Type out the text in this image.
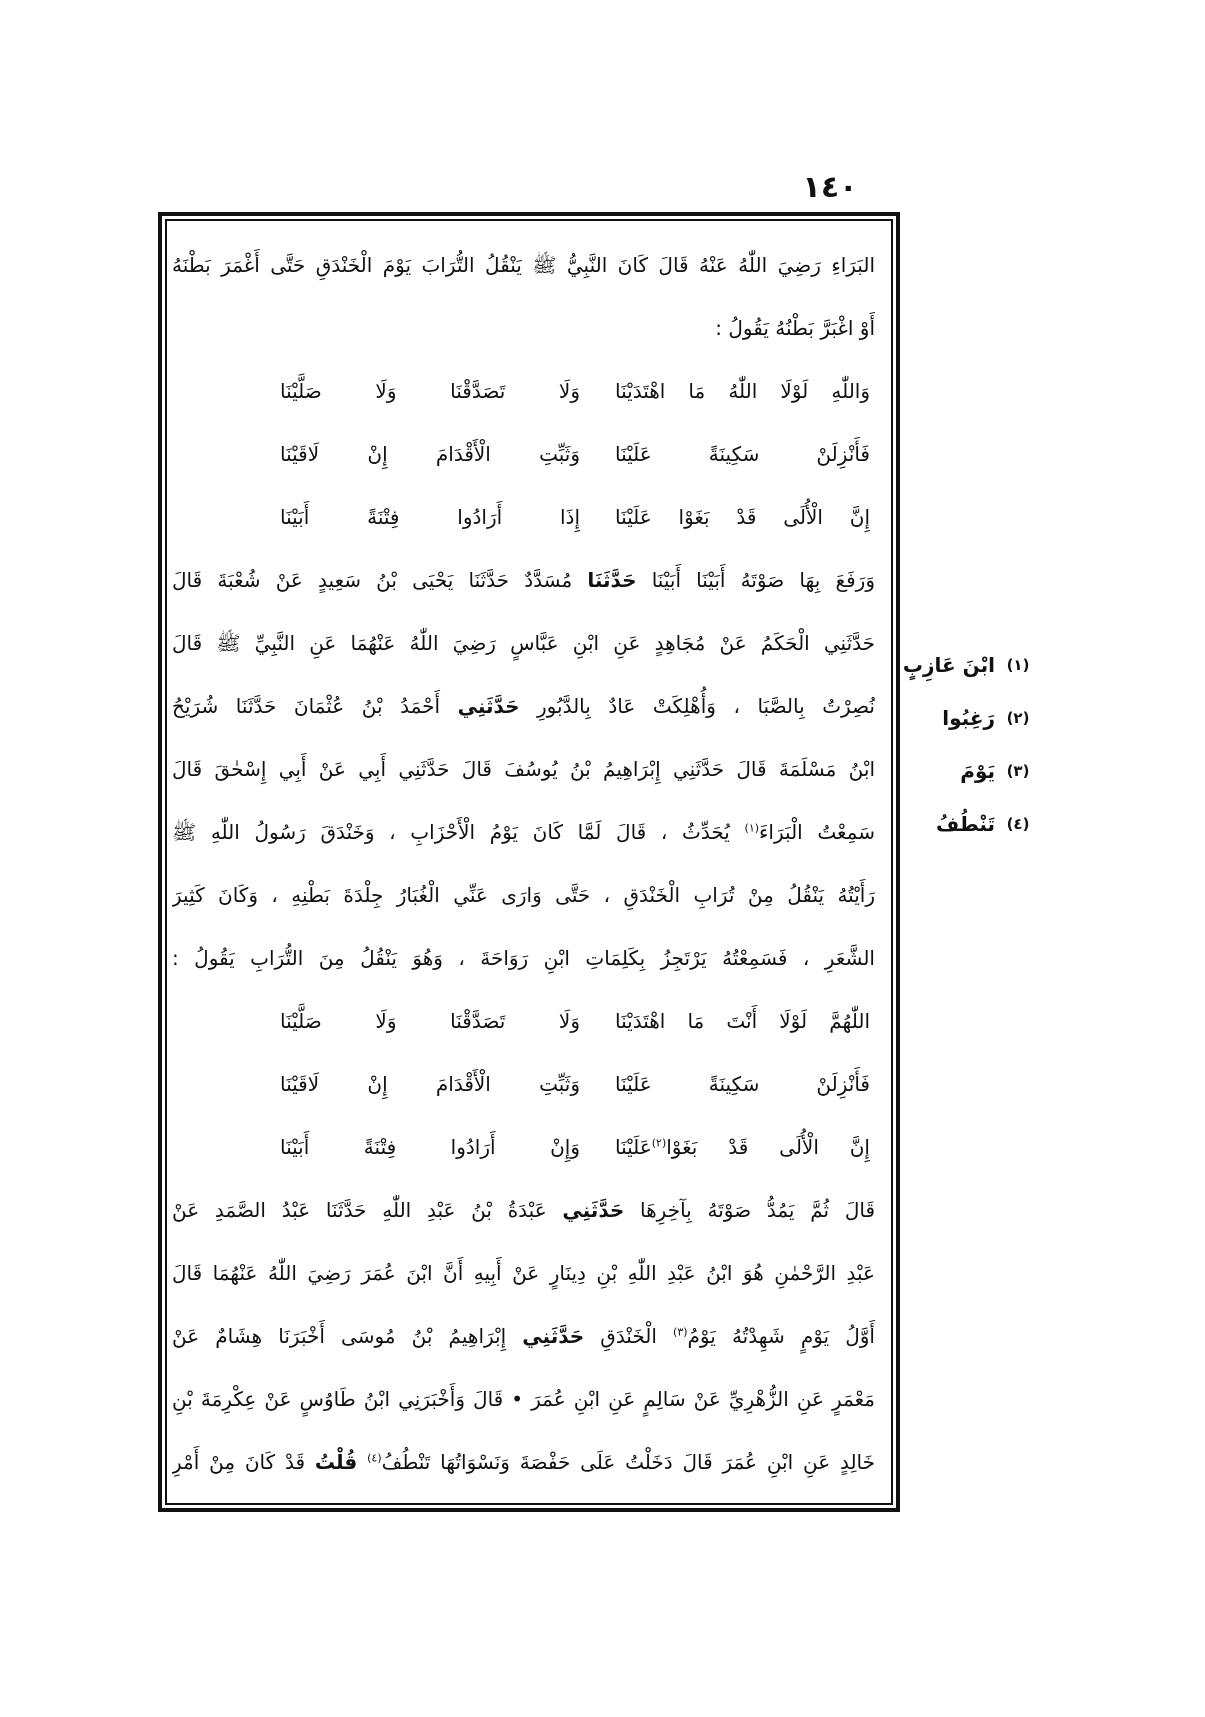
١٤٠
البَرَاءِ رَضِيَ اللّٰهُ عَنْهُ قَالَ كَانَ النَّبِيُّ ﷺ يَنْقُلُ التُّرَابَ يَوْمَ الْخَنْدَقِ حَتَّى أَغْمَرَ بَطْنَهُ
أَوْ اغْبَرَّ بَطْنُهُ يَقُولُ :
وَاللّٰهِ لَوْلَا اللّٰهُ مَا اهْتَدَيْنَا
وَلَا تَصَدَّقْنَا وَلَا صَلَّيْنَا
فَأَنْزِلَنْ سَكِينَةً عَلَيْنَا
وَثَبِّتِ الْأَقْدَامَ إِنْ لَاقَيْنَا
إِنَّ الْأُلَى قَدْ بَغَوْا عَلَيْنَا
إِذَا أَرَادُوا فِتْنَةً أَبَيْنَا
وَرَفَعَ بِهَا صَوْتَهُ أَبَيْنَا أَبَيْنَا حَدَّثَنَا مُسَدَّدٌ حَدَّثَنَا يَحْيَى بْنُ سَعِيدٍ عَنْ شُعْبَةَ قَالَ
حَدَّثَنِي الْحَكَمُ عَنْ مُجَاهِدٍ عَنِ ابْنِ عَبَّاسٍ رَضِيَ اللّٰهُ عَنْهُمَا عَنِ النَّبِيِّ ﷺ قَالَ
نُصِرْتُ بِالصَّبَا ، وَأُهْلِكَتْ عَادٌ بِالدَّبُورِ حَدَّثَنِي أَحْمَدُ بْنُ عُثْمَانَ حَدَّثَنَا شُرَيْحُ
ابْنُ مَسْلَمَةَ قَالَ حَدَّثَنِي إِبْرَاهِيمُ بْنُ يُوسُفَ قَالَ حَدَّثَنِي أَبِي عَنْ أَبِي إِسْحٰقَ قَالَ
سَمِعْتُ الْبَرَاءَ$^{(١)}$ يُحَدِّثُ ، قَالَ لَمَّا كَانَ يَوْمُ الْأَحْزَابِ ، وَخَنْدَقَ رَسُولُ اللّٰهِ ﷺ
رَأَيْتُهُ يَنْقُلُ مِنْ تُرَابِ الْخَنْدَقِ ، حَتَّى وَارَى عَنِّي الْغُبَارُ جِلْدَةَ بَطْنِهِ ، وَكَانَ كَثِيرَ
الشَّعَرِ ، فَسَمِعْتُهُ يَرْتَجِزُ بِكَلِمَاتِ ابْنِ رَوَاحَةَ ، وَهُوَ يَنْقُلُ مِنَ التُّرَابِ يَقُولُ :
اللّٰهُمَّ لَوْلَا أَنْتَ مَا اهْتَدَيْنَا
وَلَا تَصَدَّقْنَا وَلَا صَلَّيْنَا
فَأَنْزِلَنْ سَكِينَةً عَلَيْنَا
وَثَبِّتِ الْأَقْدَامَ إِنْ لَاقَيْنَا
إِنَّ الْأُلَى قَدْ بَغَوْا$^{(٢)}$عَلَيْنَا
وَإِنْ أَرَادُوا فِتْنَةً أَبَيْنَا
قَالَ ثُمَّ يَمُدُّ صَوْتَهُ بِآخِرِهَا حَدَّثَنِي عَبْدَةُ بْنُ عَبْدِ اللّٰهِ حَدَّثَنَا عَبْدُ الصَّمَدِ عَنْ
عَبْدِ الرَّحْمٰنِ هُوَ ابْنُ عَبْدِ اللّٰهِ بْنِ دِينَارٍ عَنْ أَبِيهِ أَنَّ ابْنَ عُمَرَ رَضِيَ اللّٰهُ عَنْهُمَا قَالَ
أَوَّلُ يَوْمٍ شَهِدْتُهُ يَوْمُ$^{(٣)}$ الْخَنْدَقِ حَدَّثَنِي إِبْرَاهِيمُ بْنُ مُوسَى أَخْبَرَنَا هِشَامٌ عَنْ
مَعْمَرٍ عَنِ الزُّهْرِيِّ عَنْ سَالِمٍ عَنِ ابْنِ عُمَرَ • قَالَ وَأَخْبَرَنِي ابْنُ طَاوُسٍ عَنْ عِكْرِمَةَ بْنِ
خَالِدٍ عَنِ ابْنِ عُمَرَ قَالَ دَخَلْتُ عَلَى حَفْصَةَ وَنَسْوَاتُهَا تَنْطُفُ$^{(٤)}$ قُلْتُ قَدْ كَانَ مِنْ أَمْرِ
(١)
ابْنَ عَازِبٍ
(٢)
رَغِبُوا
(٣)
يَوْمَ
(٤)
تَنْطُفُ
